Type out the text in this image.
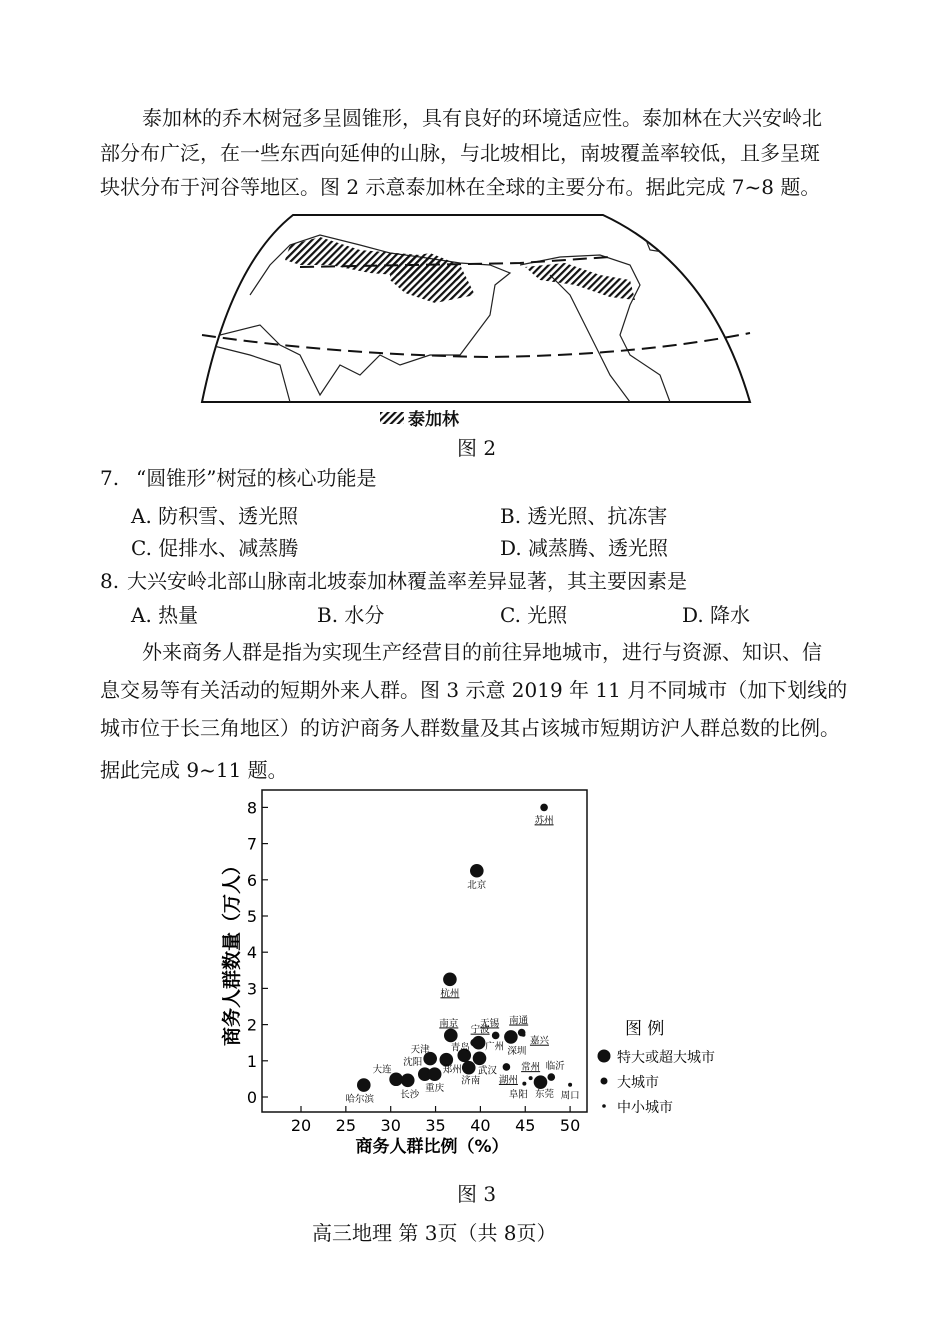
泰加林的乔木树冠多呈圆锥形，具有良好的环境适应性。泰加林在大兴安岭北
部分布广泛，在一些东西向延伸的山脉，与北坡相比，南坡覆盖率较低，且多呈斑
块状分布于河谷等地区。图 2 示意泰加林在全球的主要分布。据此完成 7~8 题。
泰加林
图 2
7. “圆锥形”树冠的核心功能是
A. 防积雪、透光照	B. 透光照、抗冻害
C. 促排水、减蒸腾	D. 减蒸腾、透光照
8. 大兴安岭北部山脉南北坡泰加林覆盖率差异显著，其主要因素是
A. 热量	B. 水分	C. 光照	D. 降水
外来商务人群是指为实现生产经营目的前往异地城市，进行与资源、知识、信
息交易等有关活动的短期外来人群。图 3 示意 2019 年 11 月不同城市（加下划线的
城市位于长三角地区）的访沪商务人群数量及其占该城市短期访沪人群总数的比例。
据此完成 9~11 题。
20 25 30 35 40 45 50
0
1
2
3
4
5
6
7
8
苏州
北京
杭州
南京
宁波
广州
无锡
深圳
南通
嘉兴
天津 青岛
郑州 武汉
济南 湖州
沈阳
重庆
大连
长沙
哈尔滨
常州 临沂
阜阳 东莞 周口
商务人群比例（%）
商务人群数量（万人）	图 例
特大或超大城市
大城市
中小城市
图 3
高三地理 第 3页（共 8页）
